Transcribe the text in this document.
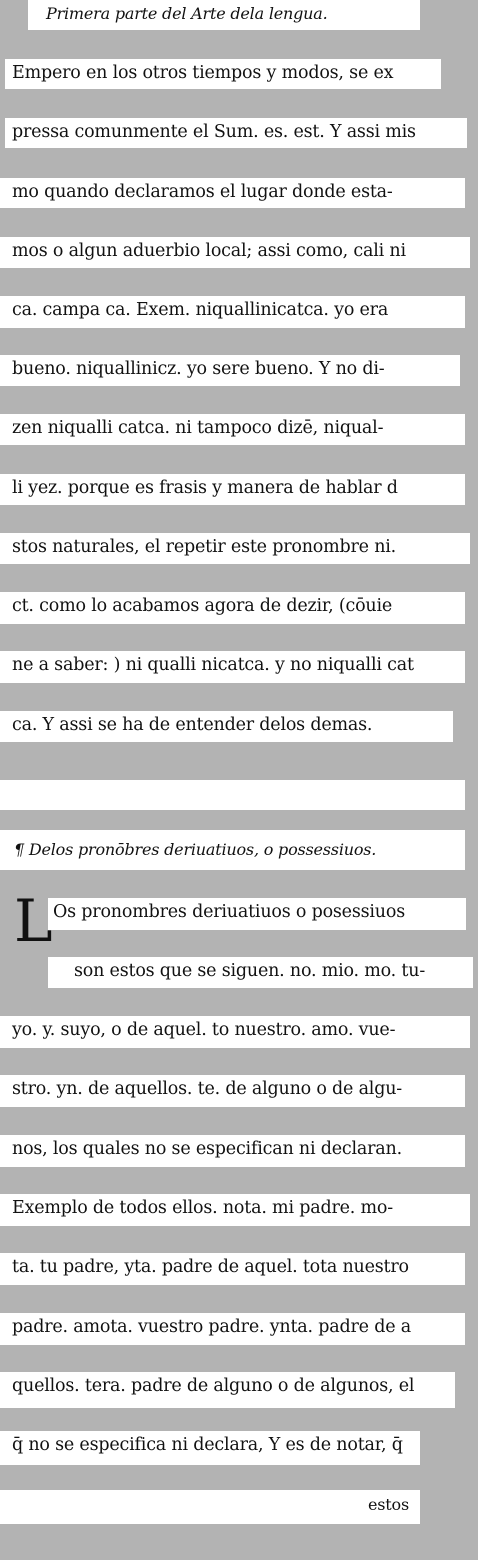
Primera parte del Arte dela lengua.
Empero en los otros tiempos y modos, se ex
pressa comunmente el Sum. es. est. Y assi mis
mo quando declaramos el lugar donde esta-
mos o algun aduerbio local; assi como, cali ni
ca. campa ca. Exem. niquallinicatca. yo era
bueno. niquallinicz. yo sere bueno. Y no di-
zen niqualli catca. ni tampoco dizē, niqual-
li yez. porque es frasis y manera de hablar d
stos naturales, el repetir este pronombre ni.
ct. como lo acabamos agora de dezir, (cōuie
ne a saber: ) ni qualli nicatca. y no niqualli cat
ca. Y assi se ha de entender delos demas.
¶ Delos pronōbres deriuatiuos, o possessiuos.
Os pronombres deriuatiuos o posessiuos
L
son estos que se siguen. no. mio. mo. tu-
yo. y. suyo, o de aquel. to nuestro. amo. vue-
stro. yn. de aquellos. te. de alguno o de algu-
nos, los quales no se especifican ni declaran.
Exemplo de todos ellos. nota. mi padre. mo-
ta. tu padre, yta. padre de aquel. tota nuestro
padre. amota. vuestro padre. ynta. padre de a
quellos. tera. padre de alguno o de algunos, el
q̄ no se especifica ni declara, Y es de notar, q̄
estos
